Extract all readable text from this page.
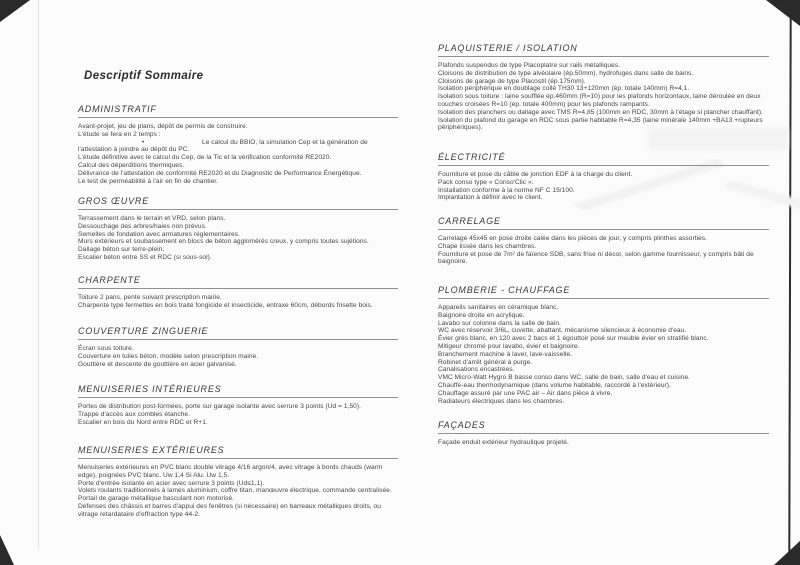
Descriptif Sommaire
ADMINISTRATIF
Avant-projet, jeu de plans, dépôt de permis de construire.
L'étude se fera en 2 temps :
•	Le calcul du BBIO, la simulation Cep et la génération de l'attestation à joindre au dépôt du PC.
L'étude définitive avec le calcul du Cep, de la Tic et la vérification conformité RE2020.
Calcul des déperditions thermiques.
Délivrance de l'attestation de conformité RE2020 et du Diagnostic de Performance Énergétique.
Le test de perméabilité à l'air en fin de chantier.
GROS ŒUVRE
Terrassement dans le terrain et VRD, selon plans.
Dessouchage des arbres/haies non prévus.
Semelles de fondation avec armatures réglementaires.
Murs extérieurs et soubassement en blocs de béton agglomérés creux, y compris toutes sujétions.
Dallage béton sur terre-plein.
Escalier béton entre SS et RDC (si sous-sol).
CHARPENTE
Toiture 2 pans, pente suivant prescription mairie.
Charpente type fermettes en bois traité fongicide et insecticide, entraxe 60cm, débords frisette bois.
COUVERTURE ZINGUERIE
Écran sous toiture.
Couverture en tuiles béton, modèle selon prescription mairie.
Gouttière et descente de gouttière en acier galvanisé.
MENUISERIES INTÉRIEURES
Portes de distribution post-formées, porte sur garage isolante avec serrure 3 points (Ud = 1,50).
Trappe d'accès aux combles étanche.
Escalier en bois du Nord entre RDC et R+1.
MENUISERIES EXTÉRIEURES
Menuiseries extérieures en PVC blanc double vitrage 4/16 argon/4, avec vitrage à bords chauds (warm edge), poignées PVC blanc. Uw 1,4 Si Alu. Uw 1,5.
Porte d'entrée isolante en acier avec serrure 3 points (Ud≤1,1).
Volets roulants traditionnels à lames aluminium, coffre titan, manœuvre électrique, commande centralisée.
Portail de garage métallique basculant non motorisé.
Défenses des châssis et barres d'appui des fenêtres (si nécessaire) en barreaux métalliques droits, ou vitrage retardataire d'effraction type 44-2.
PLAQUISTERIE / ISOLATION
Plafonds suspendus de type Placoplatre sur rails métalliques.
Cloisons de distribution de type alvéolaire (ép.50mm), hydrofuges dans salle de bains.
Cloisons de garage de type Placostil (ép.175mm).
Isolation périphérique en doublage collé TH30 13+120mm (ép. totale 140mm) R=4,1.
Isolation sous toiture : laine soufflée ép.460mm (R=10) pour les plafonds horizontaux, laine déroulée en deux couches croisées R=10 (ép. totale 400mm) pour les plafonds rampants.
Isolation des planchers ou dallage avec TMS R=4,85 (100mm en RDC, 30mm à l'étage si plancher chauffant).
Isolation du plafond du garage en RDC sous partie habitable R=4,35 (laine minérale 140mm +BA13 +rupteurs périphériques).
ÉLECTRICITÉ
Fourniture et pose du câble de jonction EDF à la charge du client.
Pack conso type « Conso'Clic ».
Installation conforme à la norme NF C 15/100.
Implantation à définir avec le client.
CARRELAGE
Carrelage 45x45 en pose droite calée dans les pièces de jour, y compris plinthes assorties.
Chape lissée dans les chambres.
Fourniture et pose de 7m² de faïence SDB, sans frise ni décor, selon gamme fournisseur, y compris bâti de baignoire.
PLOMBERIE - CHAUFFAGE
Appareils sanitaires en céramique blanc.
Baignoire droite en acrylique.
Lavabo sur colonne dans la salle de bain.
WC avec réservoir 3/6L, cuvette, abattant, mécanisme silencieux à économie d'eau.
Évier grès blanc, en 120 avec 2 bacs et 1 égouttoir posé sur meuble évier en stratifié blanc.
Mitigeur chromé pour lavabo, évier et baignoire.
Branchement machine à laver, lave-vaisselle.
Robinet d'arrêt général à purge.
Canalisations encastrées.
VMC Micro-Watt Hygro B basse conso dans WC, salle de bain, salle d'eau et cuisine.
Chauffe-eau thermodynamique (dans volume habitable, raccordé à l'extérieur).
Chauffage assuré par une PAC air – Air dans pièce à vivre.
Radiateurs électriques dans les chambres.
FAÇADES
Façade enduit extérieur hydraulique projeté.
